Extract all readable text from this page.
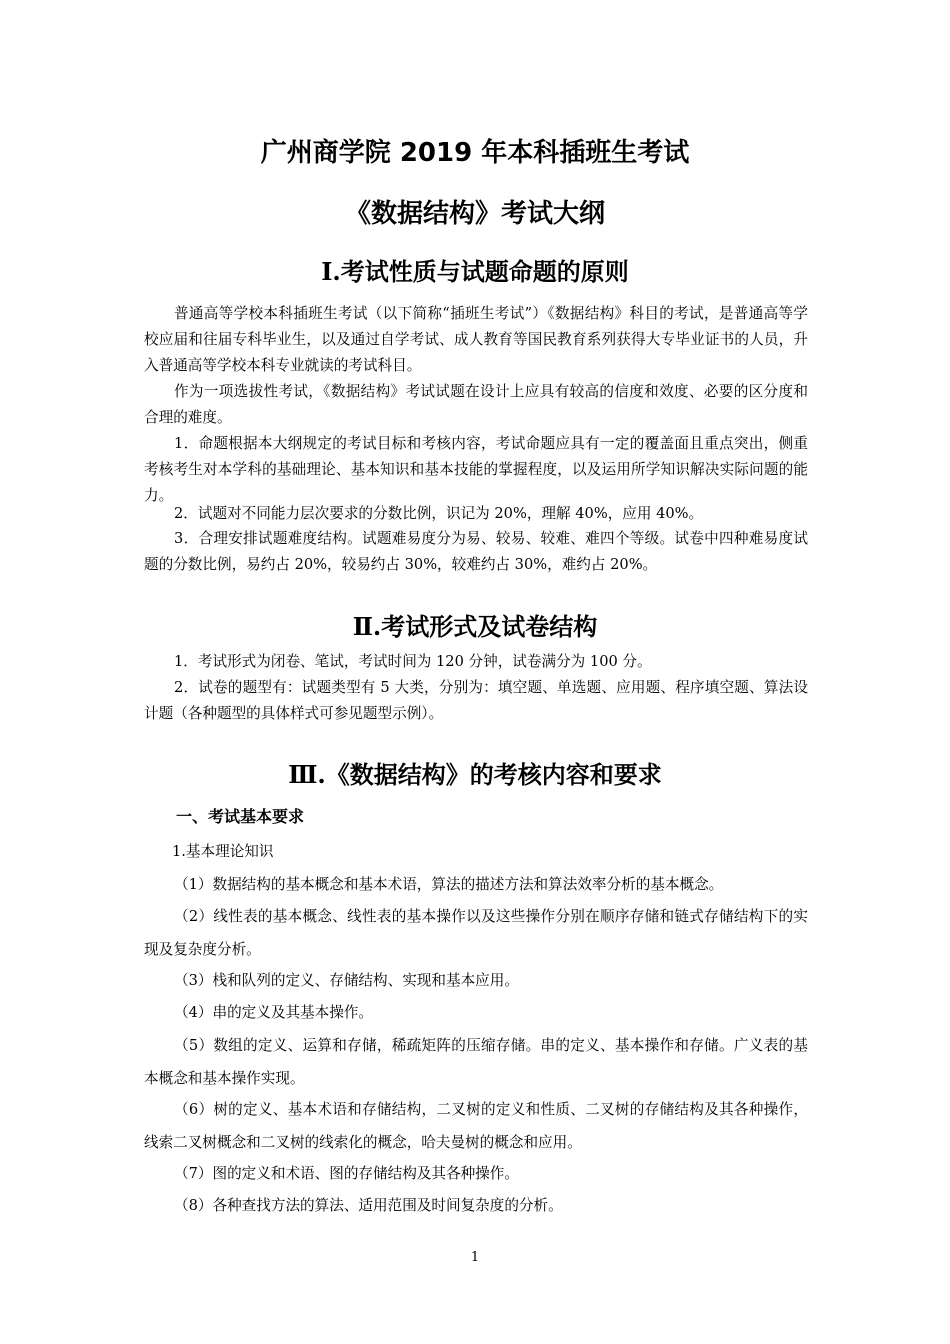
广州商学院 2019 年本科插班生考试
《数据结构》考试大纲
Ⅰ.考试性质与试题命题的原则

普通高等学校本科插班生考试（以下简称“插班生考试”）《数据结构》科目的考试，是普通高等学校应届和往届专科毕业生，以及通过自学考试、成人教育等国民教育系列获得大专毕业证书的人员，升入普通高等学校本科专业就读的考试科目。

作为一项选拔性考试，《数据结构》考试试题在设计上应具有较高的信度和效度、必要的区分度和合理的难度。

1．命题根据本大纲规定的考试目标和考核内容，考试命题应具有一定的覆盖面且重点突出，侧重考核考生对本学科的基础理论、基本知识和基本技能的掌握程度，以及运用所学知识解决实际问题的能力。

2．试题对不同能力层次要求的分数比例，识记为 20%，理解 40%，应用 40%。

3．合理安排试题难度结构。试题难易度分为易、较易、较难、难四个等级。试卷中四种难易度试题的分数比例，易约占 20%，较易约占 30%，较难约占 30%，难约占 20%。

Ⅱ.考试形式及试卷结构

1．考试形式为闭卷、笔试，考试时间为 120 分钟，试卷满分为 100 分。

2．试卷的题型有：试题类型有 5 大类，分别为：填空题、单选题、应用题、程序填空题、算法设计题（各种题型的具体样式可参见题型示例）。

Ⅲ.《数据结构》的考核内容和要求

一、考试基本要求

1.基本理论知识

（1）数据结构的基本概念和基本术语，算法的描述方法和算法效率分析的基本概念。

（2）线性表的基本概念、线性表的基本操作以及这些操作分别在顺序存储和链式存储结构下的实现及复杂度分析。

（3）栈和队列的定义、存储结构、实现和基本应用。

（4）串的定义及其基本操作。

（5）数组的定义、运算和存储，稀疏矩阵的压缩存储。串的定义、基本操作和存储。广义表的基本概念和基本操作实现。

（6）树的定义、基本术语和存储结构，二叉树的定义和性质、二叉树的存储结构及其各种操作，线索二叉树概念和二叉树的线索化的概念，哈夫曼树的概念和应用。

（7）图的定义和术语、图的存储结构及其各种操作。

（8）各种查找方法的算法、适用范围及时间复杂度的分析。

1
